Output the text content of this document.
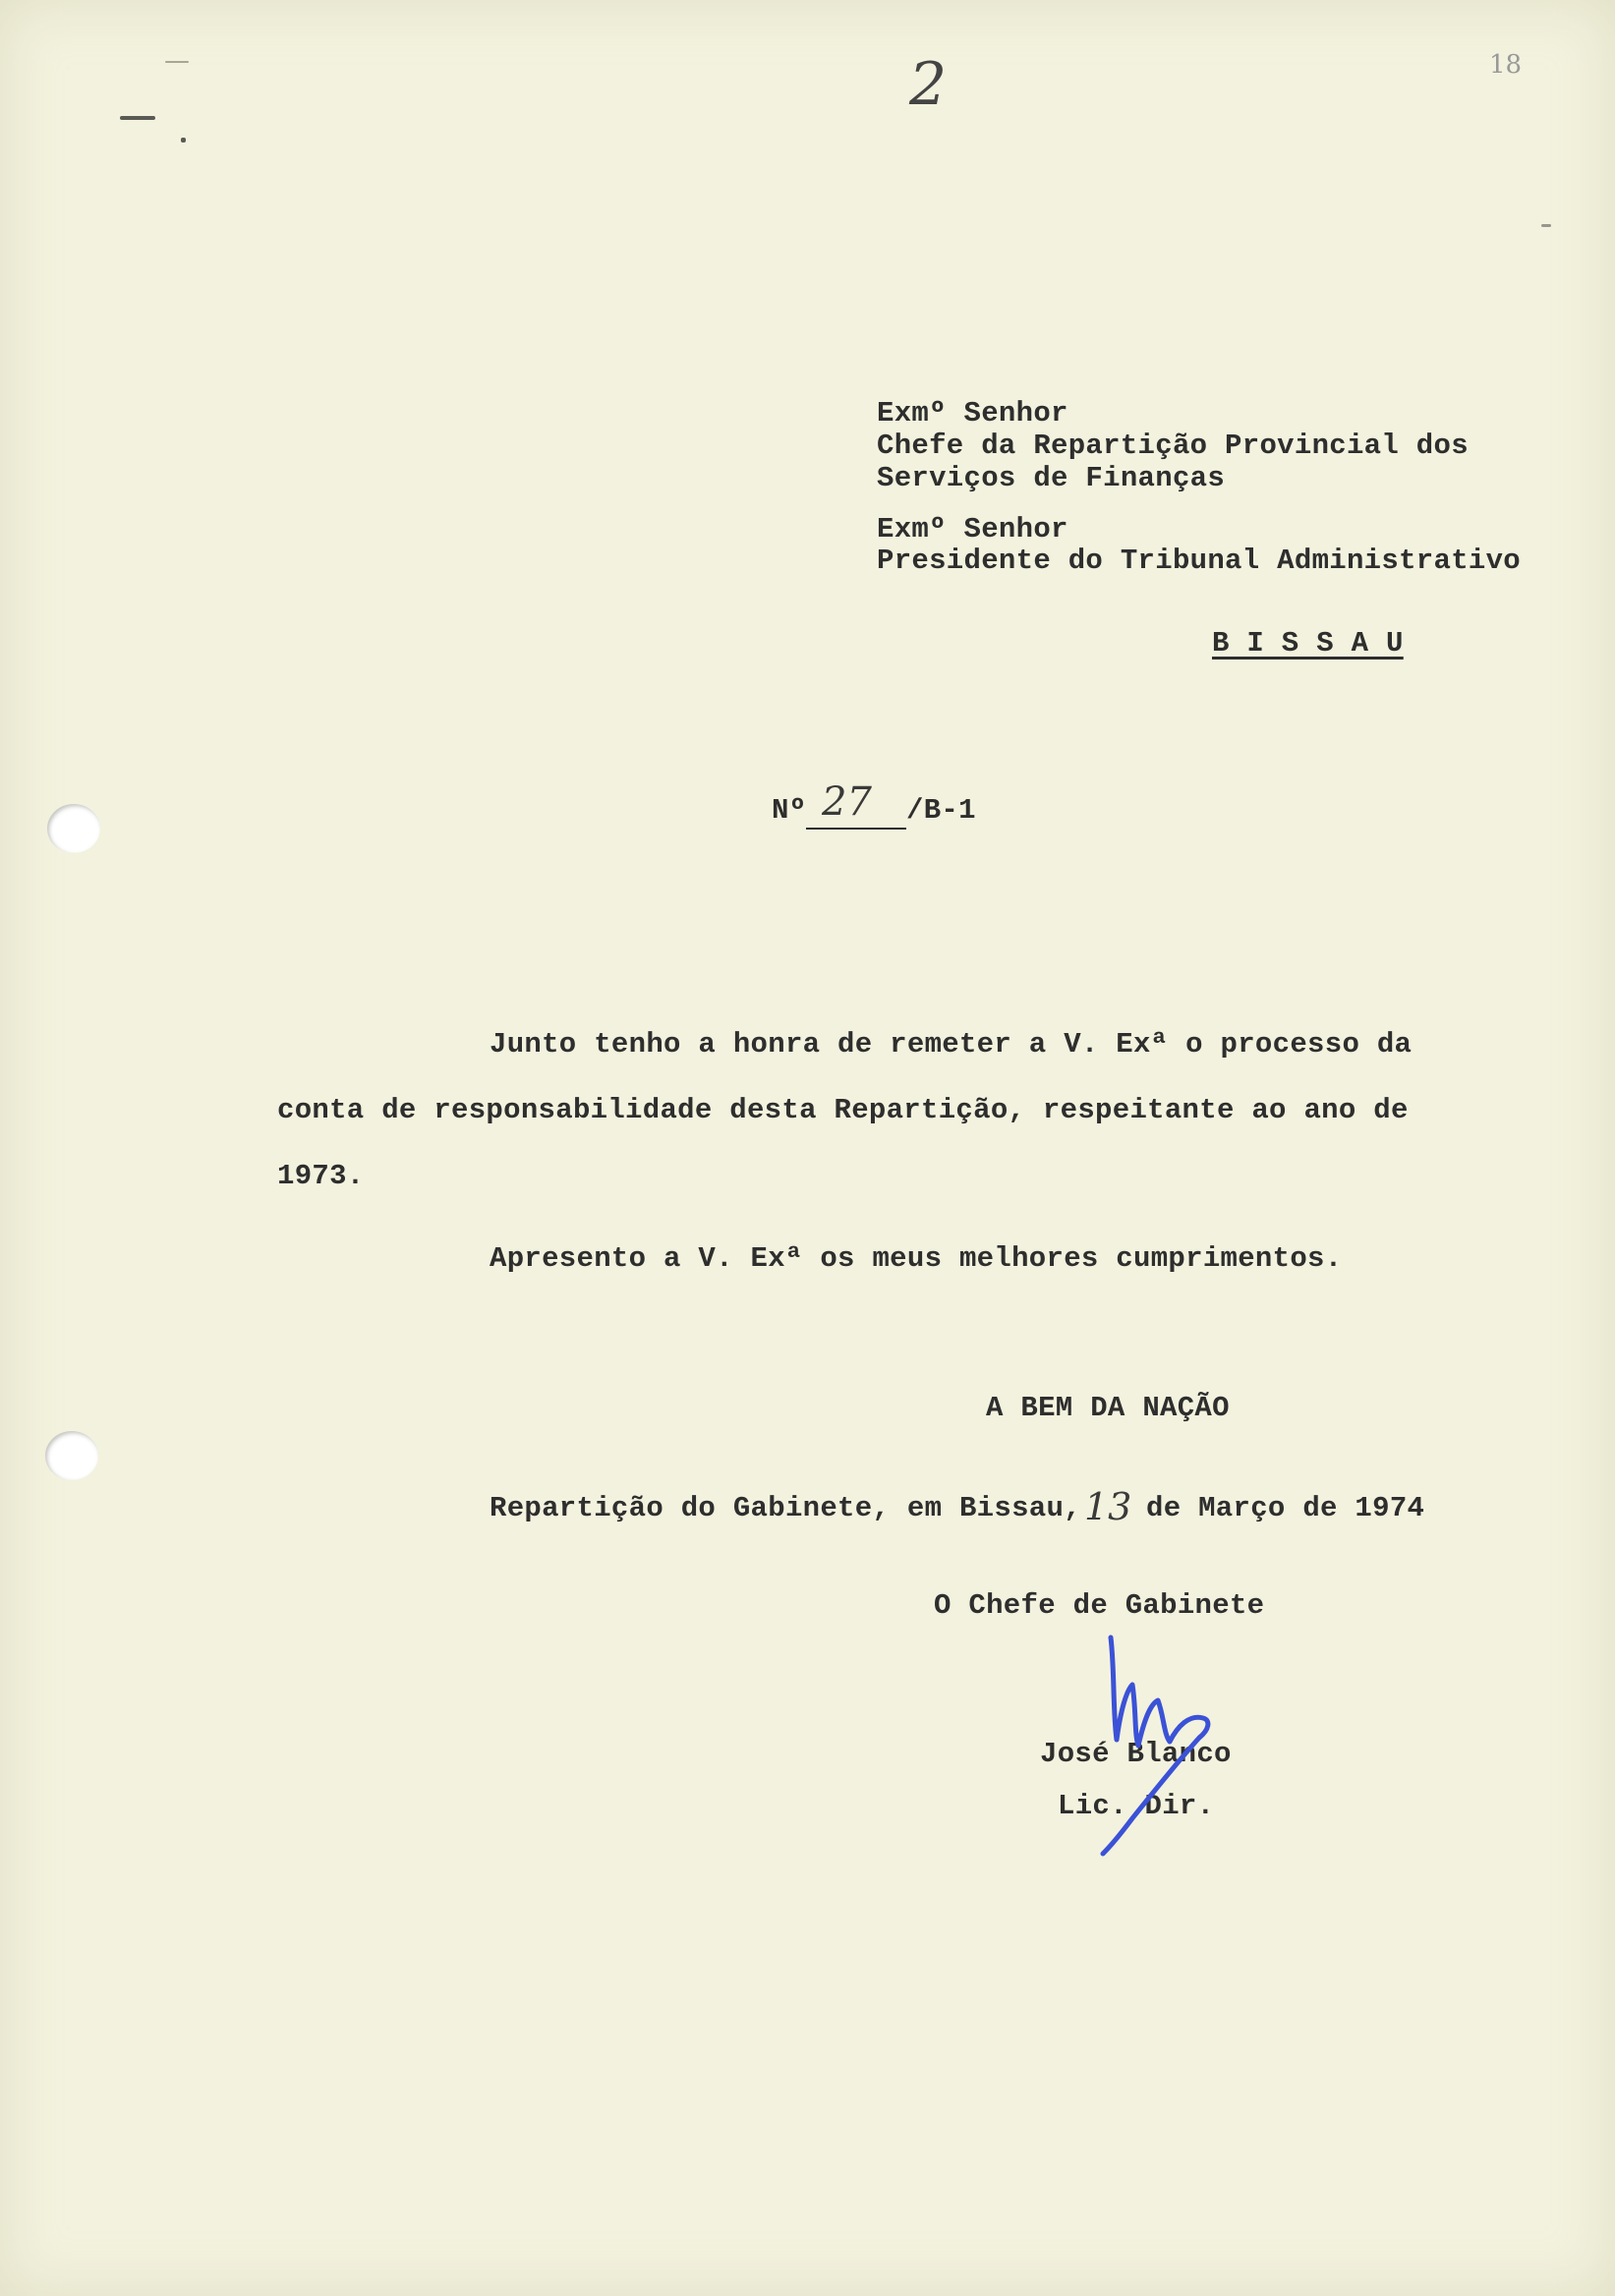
2	18
Exmº Senhor
Chefe da Repartição Provincial dos
Serviços de Finanças
Exmº Senhor
Presidente do Tribunal Administrativo
B I S S A U
Nº 27 /B-1
Junto tenho a honra de remeter a V. Exª o processo da
conta de responsabilidade desta Repartição, respeitante ao ano de
1973.
Apresento a V. Exª os meus melhores cumprimentos.
A BEM DA NAÇÃO
Repartição do Gabinete, em Bissau, 13 de Março de 1974
O Chefe de Gabinete
José Blanco
Lic. Dir.
